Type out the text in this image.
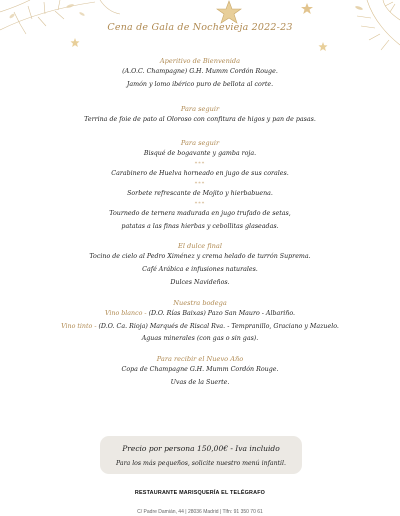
Cena de Gala de Nochevieja 2022-23
Aperitivo de Bienvenida
(A.O.C. Champagne) G.H. Mumm Cordón Rouge.
Jamón y lomo ibérico puro de bellota al corte.
Para seguir
Terrina de foie de pato al Oloroso con confitura de higos y pan de pasas.
Para seguir
Bisqué de bogavante y gamba roja.
***
Carabinero de Huelva horneado en jugo de sus corales.
***
Sorbete refrescante de Mojito y hierbabuena.
***
Tournedo de ternera madurada en jugo trufado de setas,
patatas a las finas hierbas y cebollitas glaseadas.
El dulce final
Tocino de cielo al Pedro Ximénez y crema helado de turrón Suprema.
Café Arábica e infusiones naturales.
Dulces Navideños.
Nuestra bodega
Vino blanco - (D.O. Rías Baixas) Pazo San Mauro - Albariño.
Vino tinto - (D.O. Ca. Rioja) Marqués de Riscal Rva. - Tempranillo, Graciano y Mazuelo.
Aguas minerales (con gas o sin gas).
Para recibir el Nuevo Año
Copa de Champagne G.H. Mumm Cordón Rouge.
Uvas de la Suerte.
Precio por persona 150,00€ - Iva incluido
Para los más pequeños, solicite nuestro menú infantil.
RESTAURANTE MARISQUERÍA EL TELÉGRAFO
C/ Padre Damián, 44 | 28036 Madrid | Tlfn: 91 350 70 61
